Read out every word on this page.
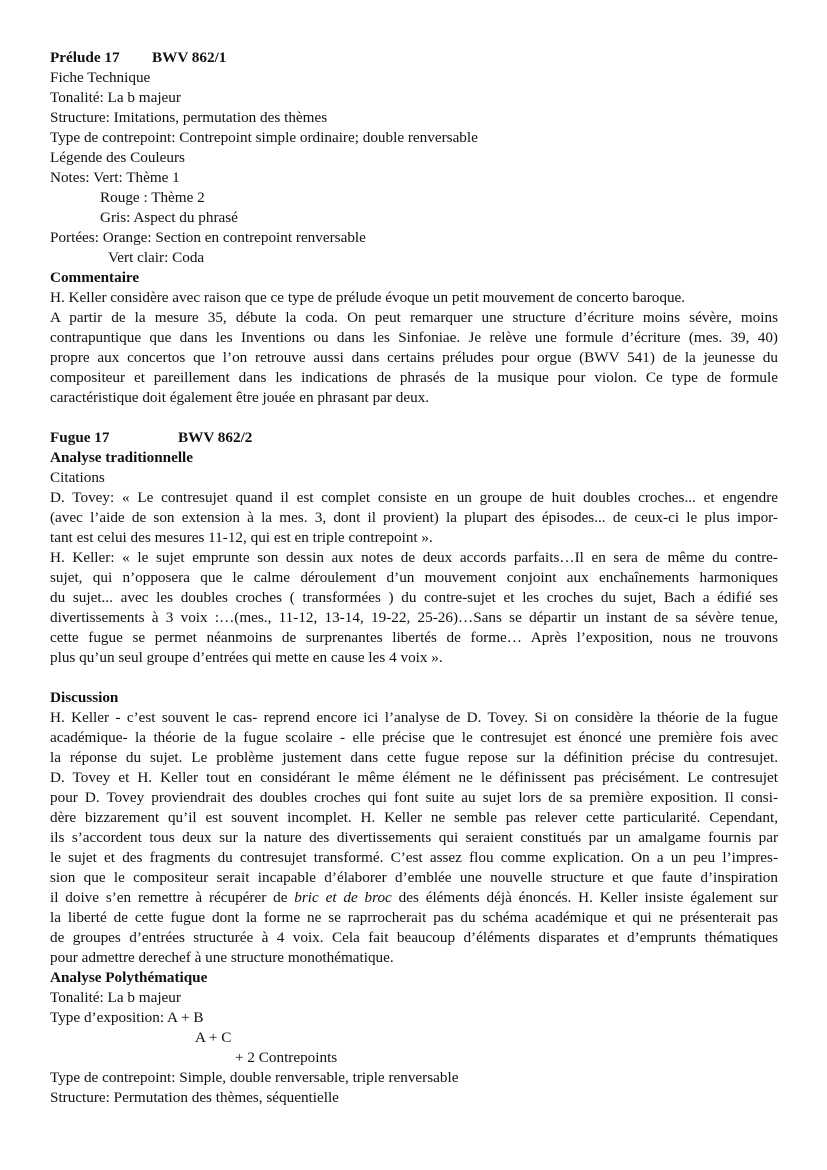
Prélude 17 BWV 862/1
Fiche Technique
Tonalité: La b majeur
Structure: Imitations, permutation des thèmes
Type de contrepoint: Contrepoint simple ordinaire; double renversable
Légende des Couleurs
Notes: Vert: Thème 1
Rouge : Thème 2
Gris: Aspect du phrasé
Portées: Orange: Section en contrepoint renversable
Vert clair: Coda
Commentaire
H. Keller considère avec raison que ce type de prélude évoque un petit mouvement de concerto baroque.
A partir de la mesure 35, débute la coda. On peut remarquer une structure d’écriture moins sévère, moins
contrapuntique que dans les Inventions ou dans les Sinfoniae. Je relève une formule d’écriture (mes. 39, 40)
propre aux concertos que l’on retrouve aussi dans certains préludes pour orgue (BWV 541) de la jeunesse du
compositeur et pareillement dans les indications de phrasés de la musique pour violon. Ce type de formule
caractéristique doit également être jouée en phrasant par deux.
Fugue 17	BWV 862/2
Analyse traditionnelle
Citations
D. Tovey: « Le contresujet quand il est complet consiste en un groupe de huit doubles croches... et engendre
(avec l’aide de son extension à la mes. 3, dont il provient) la plupart des épisodes... de ceux-ci le plus impor-
tant est celui des mesures 11-12, qui est en triple contrepoint ».
H. Keller: « le sujet emprunte son dessin aux notes de deux accords parfaits…Il en sera de même du contre-
sujet, qui n’opposera que le calme déroulement d’un mouvement conjoint aux enchaînements harmoniques
du sujet... avec les doubles croches ( transformées ) du contre-sujet et les croches du sujet, Bach a édifié ses
divertissements à 3 voix :…(mes., 11-12, 13-14, 19-22, 25-26)…Sans se départir un instant de sa sévère tenue,
cette fugue se permet néanmoins de surprenantes libertés de forme… Après l’exposition, nous ne trouvons
plus qu’un seul groupe d’entrées qui mette en cause les 4 voix ».
Discussion
H. Keller - c’est souvent le cas- reprend encore ici l’analyse de D. Tovey. Si on considère la théorie de la fugue
académique- la théorie de la fugue scolaire - elle précise que le contresujet est énoncé une première fois avec
la réponse du sujet. Le problème justement dans cette fugue repose sur la définition précise du contresujet.
D. Tovey et H. Keller tout en considérant le même élément ne le définissent pas précisément. Le contresujet
pour D. Tovey proviendrait des doubles croches qui font suite au sujet lors de sa première exposition. Il consi-
dère bizzarement qu’il est souvent incomplet. H. Keller ne semble pas relever cette particularité. Cependant,
ils s’accordent tous deux sur la nature des divertissements qui seraient constitués par un amalgame fournis par
le sujet et des fragments du contresujet transformé. C’est assez flou comme explication. On a un peu l’impres-
sion que le compositeur serait incapable d’élaborer d’emblée une nouvelle structure et que faute d’inspiration
il doive s’en remettre à récupérer de bric et de broc des éléments déjà énoncés. H. Keller insiste également sur
la liberté de cette fugue dont la forme ne se raprrocherait pas du schéma académique et qui ne présenterait pas
de groupes d’entrées structurée à 4 voix. Cela fait beaucoup d’éléments disparates et d’emprunts thématiques
pour admettre derechef à une structure monothématique.
Analyse Polythématique
Tonalité: La b majeur
Type d’exposition: A + B
A + C
+ 2 Contrepoints
Type de contrepoint: Simple, double renversable, triple renversable
Structure: Permutation des thèmes, séquentielle
